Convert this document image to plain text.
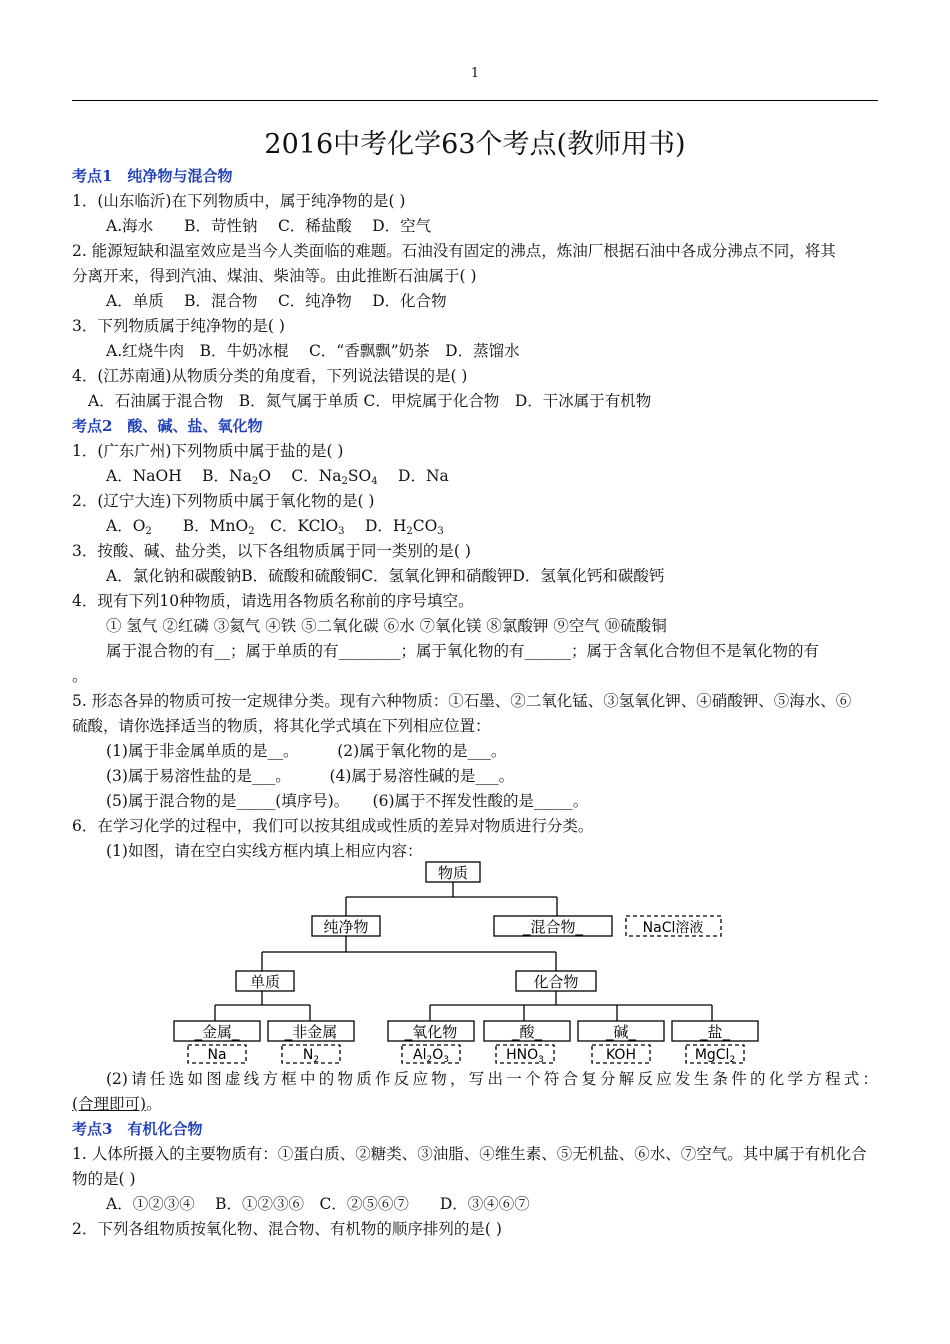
1
2016中考化学63个考点(教师用书)
考点1　纯净物与混合物
1．(山东临沂)在下列物质中，属于纯净物的是( )
A.海水　　B．苛性钠　 C．稀盐酸　 D．空气
2. 能源短缺和温室效应是当今人类面临的难题。石油没有固定的沸点，炼油厂根据石油中各成分沸点不同，将其
分离开来，得到汽油、煤油、柴油等。由此推断石油属于( )
A．单质　 B．混合物　 C．纯净物　 D．化合物
3．下列物质属于纯净物的是( )
A.红烧牛肉　B．牛奶冰棍　 C．“香飘飘”奶茶　D．蒸馏水
4．(江苏南通)从物质分类的角度看，下列说法错误的是( )
A．石油属于混合物　B．氮气属于单质 C．甲烷属于化合物　D．干冰属于有机物
考点2　酸、碱、盐、氧化物
1．(广东广州)下列物质中属于盐的是( )
A．NaOH　 B．$Na_2O$　 C．$Na_2SO_4$　 D．Na
2．(辽宁大连)下列物质中属于氧化物的是( )
A．$O_2$　　B．MnO$_2$　C．KClO$_3$　 D．$H_2CO_3$
3．按酸、碱、盐分类，以下各组物质属于同一类别的是( )
A．氯化钠和碳酸钠B．硫酸和硫酸铜C．氢氧化钾和硝酸钾D．氢氧化钙和碳酸钙
4．现有下列10种物质，请选用各物质名称前的序号填空。
① 氢气 ②红磷 ③氦气 ④铁 ⑤二氧化碳 ⑥水 ⑦氧化镁 ⑧氯酸钾 ⑨空气 ⑩硫酸铜
属于混合物的有__；属于单质的有________；属于氧化物的有______；属于含氧化合物但不是氧化物的有
。
5. 形态各异的物质可按一定规律分类。现有六种物质：①石墨、②二氧化锰、③氢氧化钾、④硝酸钾、⑤海水、⑥
硫酸，请你选择适当的物质，将其化学式填在下列相应位置：
(1)属于非金属单质的是__。　　　(2)属于氧化物的是___。
(3)属于易溶性盐的是___。　　　(4)属于易溶性碱的是___。
(5)属于混合物的是_____(填序号)。　　(6)属于不挥发性酸的是_____。
6．在学习化学的过程中，我们可以按其组成或性质的差异对物质进行分类。
(1)如图，请在空白实线方框内填上相应内容：
物质
纯净物	_混合物_	NaCl溶液
单质	化合物
_金属_	_非金属	_氧化物	_酸_	_碱_	_盐_
Na	$N_2$	$Al_2O_3$	$HNO_3$	KOH	MgCl$_2$
(2)请任选如图虚线方框中的物质作反应物，写出一个符合复分解反应发生条件的化学方程式：
(合理即可)。
考点3　有机化合物
1. 人体所摄入的主要物质有：①蛋白质、②糖类、③油脂、④维生素、⑤无机盐、⑥水、⑦空气。其中属于有机化合
物的是( )
A．①②③④　 B．①②③⑥　C．②⑤⑥⑦　　D．③④⑥⑦
2．下列各组物质按氧化物、混合物、有机物的顺序排列的是( )
